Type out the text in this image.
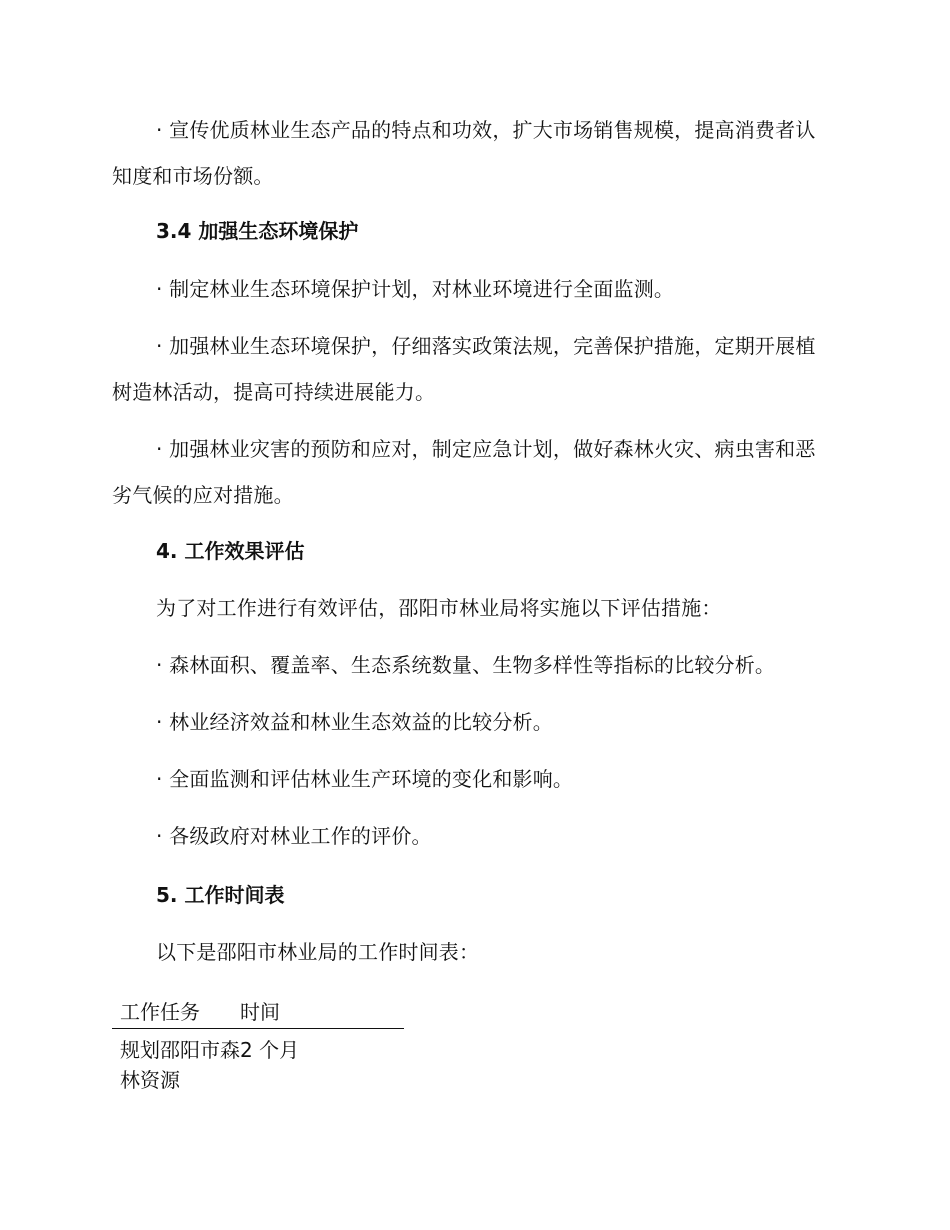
· 宣传优质林业生态产品的特点和功效，扩大市场销售规模，提高消费者认知度和市场份额。

3.4 加强生态环境保护

· 制定林业生态环境保护计划，对林业环境进行全面监测。

· 加强林业生态环境保护，仔细落实政策法规，完善保护措施，定期开展植树造林活动，提高可持续进展能力。

· 加强林业灾害的预防和应对，制定应急计划，做好森林火灾、病虫害和恶劣气候的应对措施。

4. 工作效果评估

为了对工作进行有效评估，邵阳市林业局将实施以下评估措施：

· 森林面积、覆盖率、生态系统数量、生物多样性等指标的比较分析。

· 林业经济效益和林业生态效益的比较分析。

· 全面监测和评估林业生产环境的变化和影响。

· 各级政府对林业工作的评价。

5. 工作时间表

以下是邵阳市林业局的工作时间表：

工作任务	时间
规划邵阳市森林资源
2 个月
